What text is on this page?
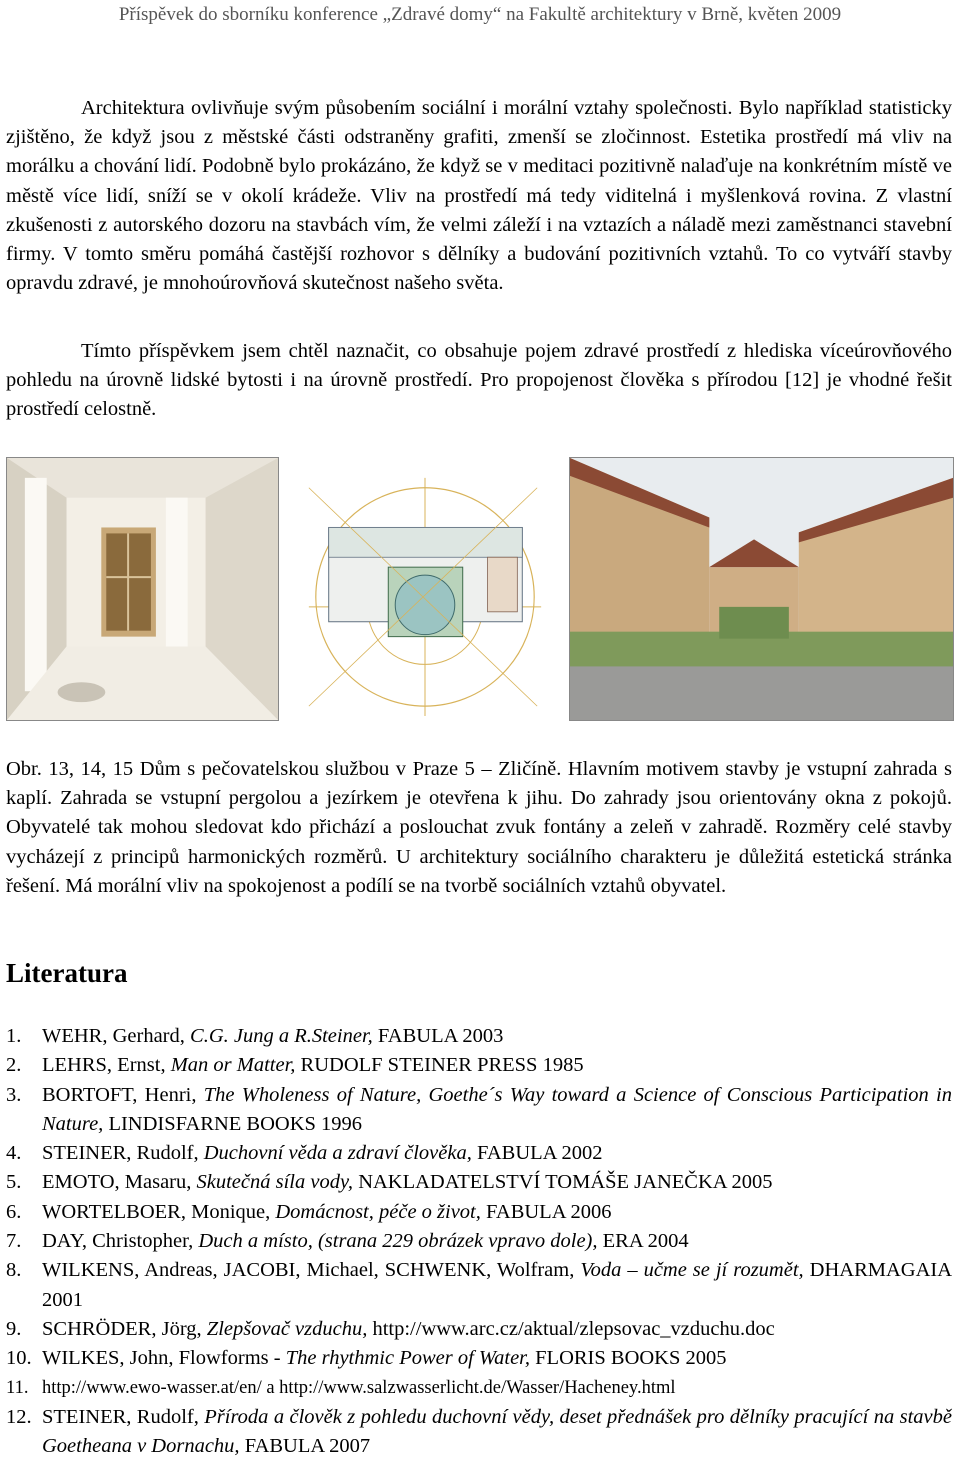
Příspěvek do sborníku konference „Zdravé domy“ na Fakultě architektury v Brně, květen 2009

Architektura ovlivňuje svým působením sociální i morální vztahy společnosti. Bylo například statisticky zjištěno, že když jsou z městské části odstraněny grafiti, zmenší se zločinnost. Estetika prostředí má vliv na morálku a chování lidí. Podobně bylo prokázáno, že když se v meditaci pozitivně nalaďuje na konkrétním místě ve městě více lidí, sníží se v okolí krádeže. Vliv na prostředí má tedy viditelná i myšlenková rovina. Z vlastní zkušenosti z autorského dozoru na stavbách vím, že velmi záleží i na vztazích a náladě mezi zaměstnanci stavební firmy. V tomto směru pomáhá častější rozhovor s dělníky a budování pozitivních vztahů. To co vytváří stavby opravdu zdravé, je mnohoúrovňová skutečnost našeho světa.

Tímto příspěvkem jsem chtěl naznačit, co obsahuje pojem zdravé prostředí z hlediska víceúrovňového pohledu na úrovně lidské bytosti i na úrovně prostředí. Pro propojenost člověka s přírodou [12] je vhodné řešit prostředí celostně.

Obr. 13, 14, 15 Dům s pečovatelskou službou v Praze 5 – Zličíně. Hlavním motivem stavby je vstupní zahrada s kaplí. Zahrada se vstupní pergolou a jezírkem je otevřena k jihu. Do zahrady jsou orientovány okna z pokojů. Obyvatelé tak mohou sledovat kdo přichází a poslouchat zvuk fontány a zeleň v zahradě. Rozměry celé stavby vycházejí z principů harmonických rozměrů. U architektury sociálního charakteru je důležitá estetická stránka řešení. Má morální vliv na spokojenost a podílí se na tvorbě sociálních vztahů obyvatel.

Literatura
1. WEHR, Gerhard, C.G. Jung a R.Steiner, FABULA 2003
2. LEHRS, Ernst, Man or Matter, RUDOLF STEINER PRESS 1985
3. BORTOFT, Henri, The Wholeness of Nature, Goethe´s Way toward a Science of Conscious Participation in Nature, LINDISFARNE BOOKS 1996
4. STEINER, Rudolf, Duchovní věda a zdraví člověka, FABULA 2002
5. EMOTO, Masaru, Skutečná síla vody, NAKLADATELSTVÍ TOMÁŠE JANEČKA 2005
6. WORTELBOER, Monique, Domácnost, péče o život, FABULA 2006
7. DAY, Christopher, Duch a místo, (strana 229 obrázek vpravo dole), ERA 2004
8. WILKENS, Andreas, JACOBI, Michael, SCHWENK, Wolfram, Voda – učme se jí rozumět, DHARMAGAIA 2001
9. SCHRÖDER, Jörg, Zlepšovač vzduchu, http://www.arc.cz/aktual/zlepsovac_vzduchu.doc
10. WILKES, John, Flowforms - The rhythmic Power of Water, FLORIS BOOKS 2005
11. http://www.ewo-wasser.at/en/ a http://www.salzwasserlicht.de/Wasser/Hacheney.html
12. STEINER, Rudolf, Příroda a člověk z pohledu duchovní vědy, deset přednášek pro dělníky pracující na stavbě Goetheana v Dornachu, FABULA 2007
